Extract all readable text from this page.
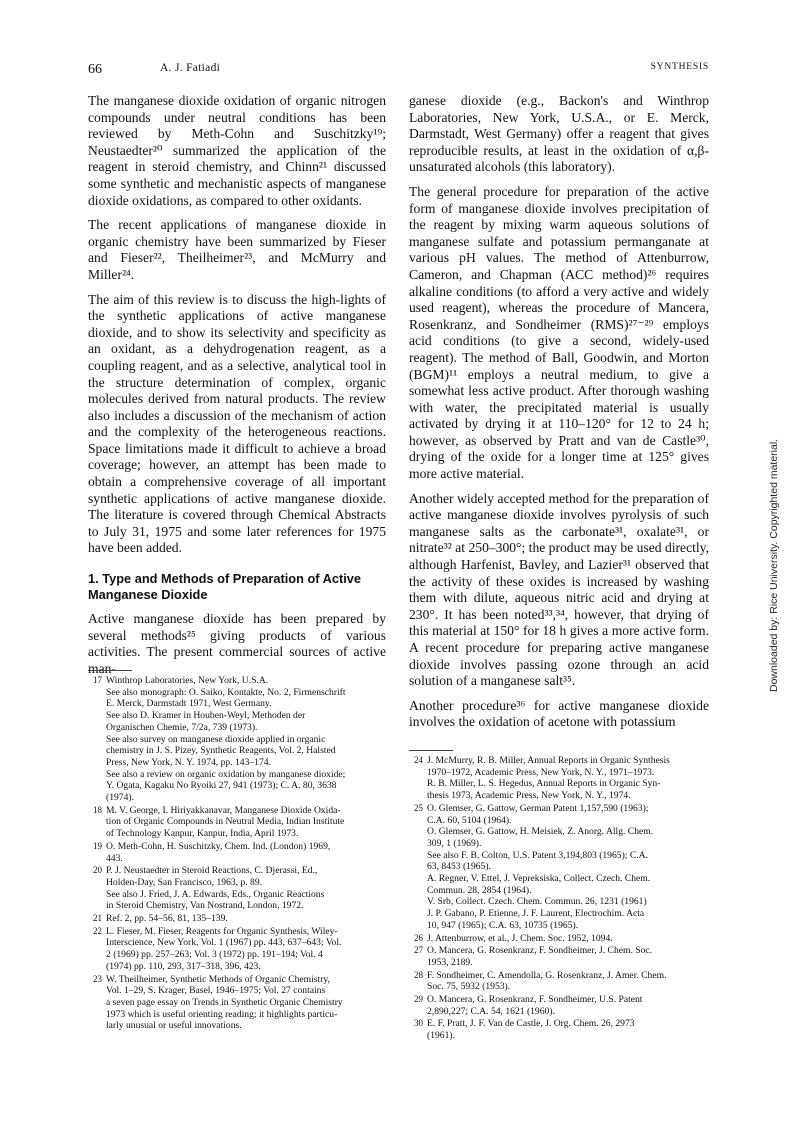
66	A. J. Fatiadi	SYNTHESIS

The manganese dioxide oxidation of organic nitrogen compounds under neutral conditions has been reviewed by Meth-Cohn and Suschitzky¹⁹; Neustaedter²⁰ summarized the application of the reagent in steroid chemistry, and Chinn²¹ discussed some synthetic and mechanistic aspects of manganese dioxide oxidations, as compared to other oxidants.

The recent applications of manganese dioxide in organic chemistry have been summarized by Fieser and Fieser²², Theilheimer²³, and McMurry and Miller²⁴.

The aim of this review is to discuss the high-lights of the synthetic applications of active manganese dioxide, and to show its selectivity and specificity as an oxidant, as a dehydrogenation reagent, as a coupling reagent, and as a selective, analytical tool in the structure determination of complex, organic molecules derived from natural products. The review also includes a discussion of the mechanism of action and the complexity of the heterogeneous reactions. Space limitations made it difficult to achieve a broad coverage; however, an attempt has been made to obtain a comprehensive coverage of all important synthetic applications of active manganese dioxide. The literature is covered through Chemical Abstracts to July 31, 1975 and some later references for 1975 have been added.

1. Type and Methods of Preparation of Active Manganese Dioxide

Active manganese dioxide has been prepared by several methods²⁵ giving products of various activities. The present commercial sources of active man-

ganese dioxide (e.g., Backon's and Winthrop Laboratories, New York, U.S.A., or E. Merck, Darmstadt, West Germany) offer a reagent that gives reproducible results, at least in the oxidation of α,β-unsaturated alcohols (this laboratory).

The general procedure for preparation of the active form of manganese dioxide involves precipitation of the reagent by mixing warm aqueous solutions of manganese sulfate and potassium permanganate at various pH values. The method of Attenburrow, Cameron, and Chapman (ACC method)²⁶ requires alkaline conditions (to afford a very active and widely used reagent), whereas the procedure of Mancera, Rosenkranz, and Sondheimer (RMS)²⁷⁻²⁹ employs acid conditions (to give a second, widely-used reagent). The method of Ball, Goodwin, and Morton (BGM)¹¹ employs a neutral medium, to give a somewhat less active product. After thorough washing with water, the precipitated material is usually activated by drying it at 110–120° for 12 to 24 h; however, as observed by Pratt and van de Castle³⁰, drying of the oxide for a longer time at 125° gives more active material.

Another widely accepted method for the preparation of active manganese dioxide involves pyrolysis of such manganese salts as the carbonate³¹, oxalate³¹, or nitrate³² at 250–300°; the product may be used directly, although Harfenist, Bavley, and Lazier³¹ observed that the activity of these oxides is increased by washing them with dilute, aqueous nitric acid and drying at 230°. It has been noted³³,³⁴, however, that drying of this material at 150° for 18 h gives a more active form. A recent procedure for preparing active manganese dioxide involves passing ozone through an acid solution of a manganese salt³⁵.

Another procedure³⁶ for active manganese dioxide involves the oxidation of acetone with potassium

17 Winthrop Laboratories, New York, U.S.A.
See also monograph: O. Saiko, Kontakte, No. 2, Firmenschrift
E. Merck, Darmstadt 1971, West Germany.
See also D. Kramer in Houben-Weyl, Methoden der
Organischen Chemie, 7/2a, 739 (1973).
See also survey on manganese dioxide applied in organic
chemistry in J. S. Pizey, Synthetic Reagents, Vol. 2, Halsted
Press, New York, N. Y. 1974, pp. 143–174.
See also a review on organic oxidation by manganese dioxide;
Y. Ogata, Kagaku No Ryoiki 27, 941 (1973); C. A. 80, 3638
(1974).
18 M. V. George, I. Hiriyakkanavar, Manganese Dioxide Oxida-
tion of Organic Compounds in Neutral Media, Indian Institute
of Technology Kanpur, Kanpur, India, April 1973.
19 O. Meth-Cohn, H. Suschitzky, Chem. Ind. (London) 1969,
443.
20 P. J. Neustaedter in Steroid Reactions, C. Djerassi, Ed.,
Holden-Day, San Francisco, 1963, p. 89.
See also J. Fried, J. A. Edwards, Eds., Organic Reactions
in Steroid Chemistry, Van Nostrand, London, 1972.
21 Ref. 2, pp. 54–56, 81, 135–139.
22 L. Fieser, M. Fieser, Reagents for Organic Synthesis, Wiley-
Interscience, New York, Vol. 1 (1967) pp. 443, 637–643; Vol.
2 (1969) pp. 257–263; Vol. 3 (1972) pp. 191–194; Vol. 4
(1974) pp. 110, 293, 317–318, 396, 423.
23 W. Theilheimer, Synthetic Methods of Organic Chemistry,
Vol. 1–29, S. Krager, Basel, 1946–1975; Vol. 27 contains
a seven page essay on Trends in Synthetic Organic Chemistry
1973 which is useful orienting reading; it highlights particu-
larly unusual or useful innovations.
24 J. McMurry, R. B. Miller, Annual Reports in Organic Synthesis
1970–1972, Academic Press, New York, N. Y., 1971–1973.
R. B. Miller, L. S. Hegedus, Annual Reports in Organic Syn-
thesis 1973, Academic Press, New York, N. Y., 1974.
25 O. Glemser, G. Gattow, German Patent 1,157,590 (1963);
C.A. 60, 5104 (1964).
O. Glemser, G. Gattow, H. Meisiek, Z. Anorg. Allg. Chem.
309, 1 (1969).
See also F. B. Colton, U.S. Patent 3,194,803 (1965); C.A.
63, 8453 (1965).
A. Regner, V. Ettel, J. Vepreksiska, Collect. Czech. Chem.
Commun. 28, 2854 (1964).
V. Srb, Collect. Czech. Chem. Commun. 26, 1231 (1961)
J. P. Gabano, P. Etienne, J. F. Laurent, Electrochim. Acta
10, 947 (1965); C.A. 63, 10735 (1965).
26 J. Attenburrow, et al., J. Chem. Soc. 1952, 1094.
27 O. Mancera, G. Rosenkranz, F. Sondheimer, J. Chem. Soc.
1953, 2189.
28 F. Sondheimer, C. Amendolla, G. Rosenkranz, J. Amer. Chem.
Soc. 75, 5932 (1953).
29 O. Mancera, G. Rosenkranz, F. Sondheimer, U.S. Patent
2,890,227; C.A. 54, 1621 (1960).
30 E. F. Pratt, J. F. Van de Castle, J. Org. Chem. 26, 2973
(1961).
Downloaded by: Rice University. Copyrighted material.
